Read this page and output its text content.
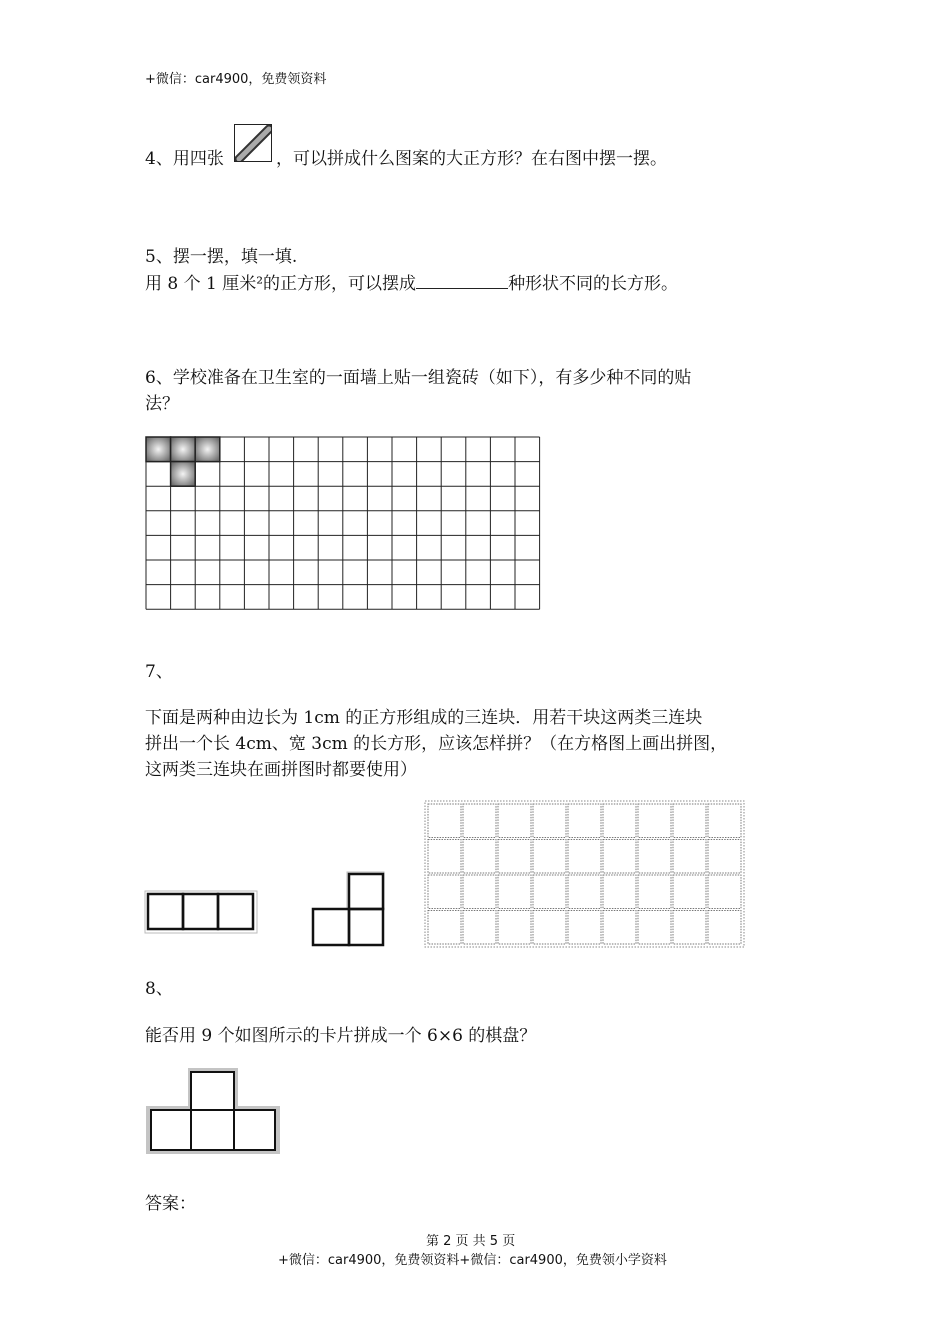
+微信：car4900，免费领资料
4、用四张	，可以拼成什么图案的大正方形？在右图中摆一摆。
5、摆一摆，填一填.
用 8 个 1 厘米²的正方形，可以摆成	种形状不同的长方形。
6、学校准备在卫生室的一面墙上贴一组瓷砖（如下），有多少种不同的贴
法？
7、
下面是两种由边长为 1cm 的正方形组成的三连块．用若干块这两类三连块
拼出一个长 4cm、宽 3cm 的长方形，应该怎样拼？（在方格图上画出拼图，
这两类三连块在画拼图时都要使用）
8、
能否用 9 个如图所示的卡片拼成一个 6×6 的棋盘？
答案：
第 2 页 共 5 页
+微信：car4900，免费领资料+微信：car4900，免费领小学资料
